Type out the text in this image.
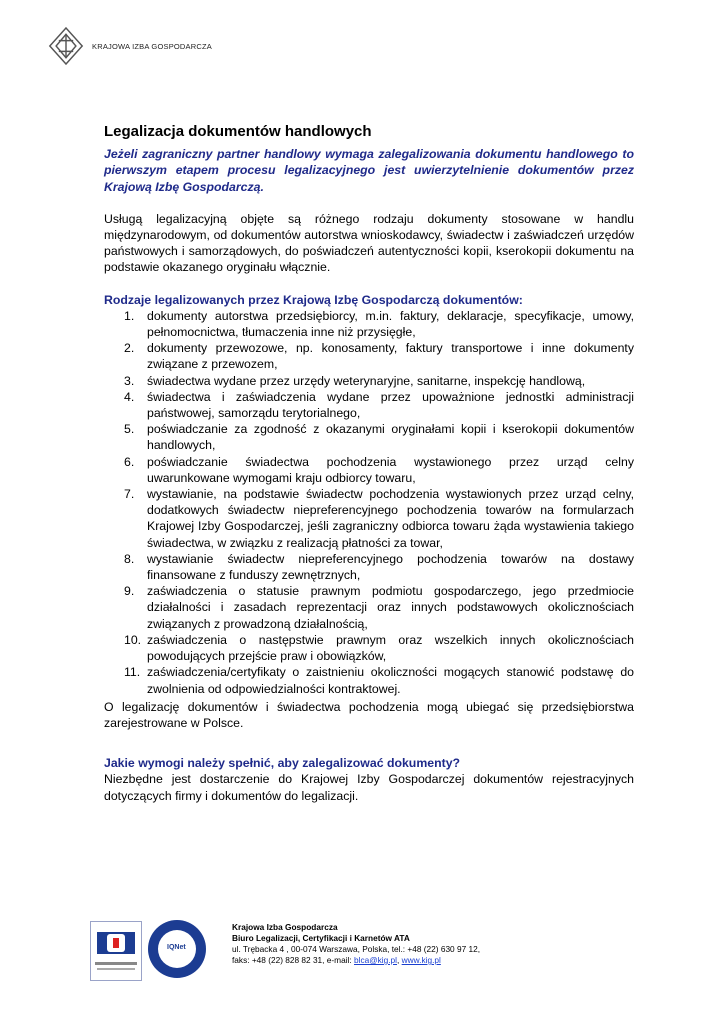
KRAJOWA IZBA GOSPODARCZA
Legalizacja dokumentów handlowych

Jeżeli zagraniczny partner handlowy wymaga zalegalizowania dokumentu handlowego to pierwszym etapem procesu legalizacyjnego jest uwierzytelnienie dokumentów przez Krajową Izbę Gospodarczą.

Usługą legalizacyjną objęte są różnego rodzaju dokumenty stosowane w handlu międzynarodowym, od dokumentów autorstwa wnioskodawcy, świadectw i zaświadczeń urzędów państwowych i samorządowych, do poświadczeń autentyczności kopii, kserokopii dokumentu na podstawie okazanego oryginału włącznie.

Rodzaje legalizowanych przez Krajową Izbę Gospodarczą dokumentów:
1. dokumenty autorstwa przedsiębiorcy, m.in. faktury, deklaracje, specyfikacje, umowy, pełnomocnictwa, tłumaczenia inne niż przysięgłe,
2. dokumenty przewozowe, np. konosamenty, faktury transportowe i inne dokumenty związane z przewozem,
3. świadectwa wydane przez urzędy weterynaryjne, sanitarne, inspekcję handlową,
4. świadectwa i zaświadczenia wydane przez upoważnione jednostki administracji państwowej, samorządu terytorialnego,
5. poświadczanie za zgodność z okazanymi oryginałami kopii i kserokopii dokumentów handlowych,
6. poświadczanie świadectwa pochodzenia wystawionego przez urząd celny uwarunkowane wymogami kraju odbiorcy towaru,
7. wystawianie, na podstawie świadectw pochodzenia wystawionych przez urząd celny, dodatkowych świadectw niepreferencyjnego pochodzenia towarów na formularzach Krajowej Izby Gospodarczej, jeśli zagraniczny odbiorca towaru żąda wystawienia takiego świadectwa, w związku z realizacją płatności za towar,
8. wystawianie świadectw niepreferencyjnego pochodzenia towarów na dostawy finansowane z funduszy zewnętrznych,
9. zaświadczenia o statusie prawnym podmiotu gospodarczego, jego przedmiocie działalności i zasadach reprezentacji oraz innych podstawowych okolicznościach związanych z prowadzoną działalnością,
10. zaświadczenia o następstwie prawnym oraz wszelkich innych okolicznościach powodujących przejście praw i obowiązków,
11. zaświadczenia/certyfikaty o zaistnieniu okoliczności mogących stanowić podstawę do zwolnienia od odpowiedzialności kontraktowej.

O legalizację dokumentów i świadectwa pochodzenia mogą ubiegać się przedsiębiorstwa zarejestrowane w Polsce.

Jakie wymogi należy spełnić, aby zalegalizować dokumenty?

Niezbędne jest dostarczenie do Krajowej Izby Gospodarczej dokumentów rejestracyjnych dotyczących firmy i dokumentów do legalizacji.

IQNet
Krajowa Izba Gospodarcza
Biuro Legalizacji, Certyfikacji i Karnetów ATA
ul. Trębacka 4 , 00-074 Warszawa, Polska, tel.: +48 (22) 630 97 12,
faks: +48 (22) 828 82 31, e-mail: blca@kig.pl, www.kig.pl
